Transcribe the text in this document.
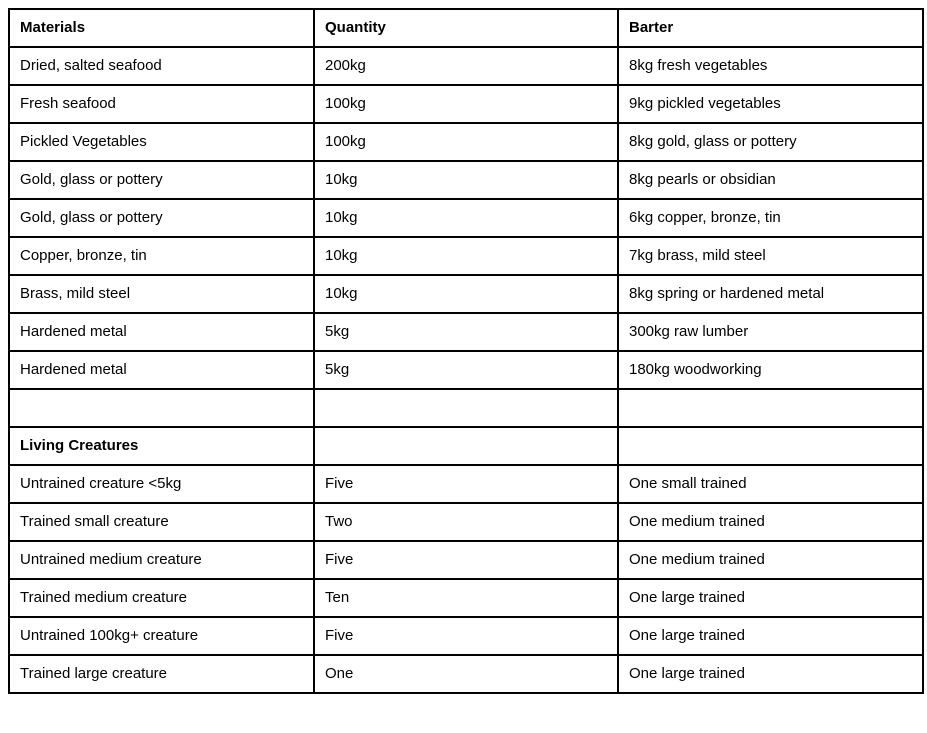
Materials	Quantity	Barter
Dried, salted seafood	200kg	8kg fresh vegetables
Fresh seafood	100kg	9kg pickled vegetables
Pickled Vegetables	100kg	8kg gold, glass or pottery
Gold, glass or pottery	10kg	8kg pearls or obsidian
Gold, glass or pottery	10kg	6kg copper, bronze, tin
Copper, bronze, tin	10kg	7kg brass, mild steel
Brass, mild steel	10kg	8kg spring or hardened metal
Hardened metal	5kg	300kg raw lumber
Hardened metal	5kg	180kg woodworking

Living Creatures		
Untrained creature <5kg	Five	One small trained
Trained small creature	Two	One medium trained
Untrained medium creature	Five	One medium trained
Trained medium creature	Ten	One large trained
Untrained 100kg+ creature	Five	One large trained
Trained large creature	One	One large trained
